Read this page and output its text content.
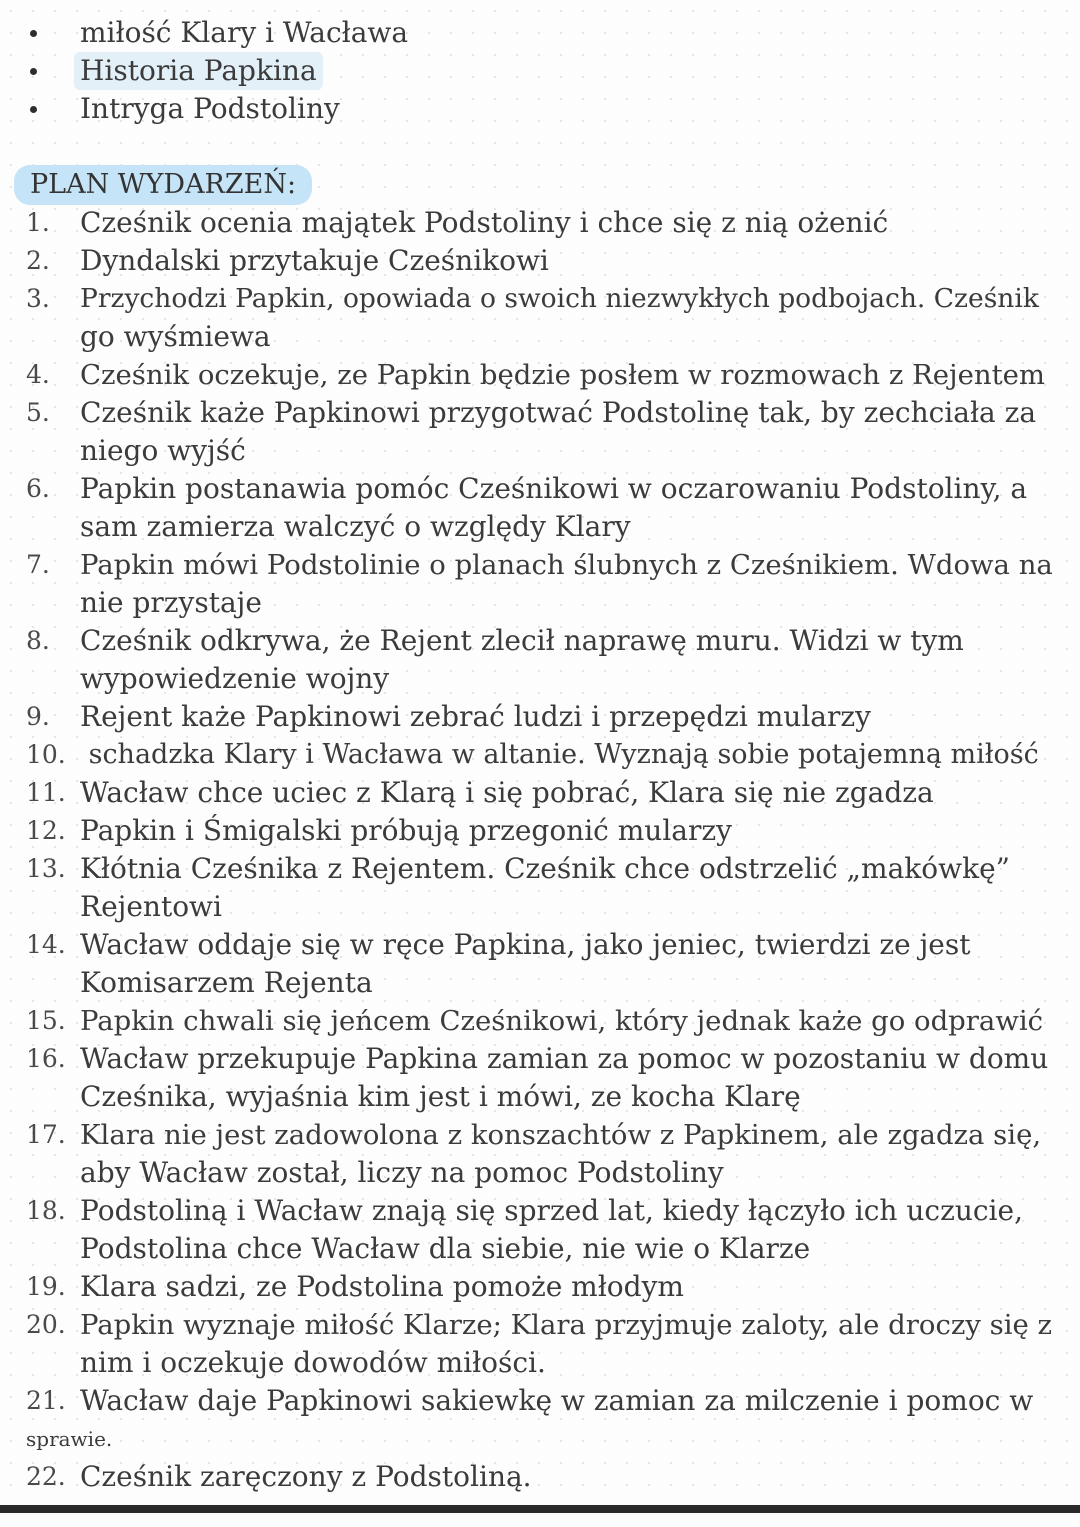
miłość Klary i Wacława
Historia Papkina
Intryga Podstoliny
PLAN WYDARZEŃ:
1. Cześnik ocenia majątek Podstoliny i chce się z nią ożenić
2. Dyndalski przytakuje Cześnikowi
3. Przychodzi Papkin, opowiada o swoich niezwykłych podbojach. Cześnik
go wyśmiewa
4. Cześnik oczekuje, ze Papkin będzie posłem w rozmowach z Rejentem
5. Cześnik każe Papkinowi przygotwać Podstolinę tak, by zechciała za
niego wyjść
6. Papkin postanawia pomóc Cześnikowi w oczarowaniu Podstoliny, a
sam zamierza walczyć o względy Klary
7. Papkin mówi Podstolinie o planach ślubnych z Cześnikiem. Wdowa na
nie przystaje
8. Cześnik odkrywa, że Rejent zlecił naprawę muru. Widzi w tym
wypowiedzenie wojny
9. Rejent każe Papkinowi zebrać ludzi i przepędzi mularzy
10. schadzka Klary i Wacława w altanie. Wyznają sobie potajemną miłość
11. Wacław chce uciec z Klarą i się pobrać, Klara się nie zgadza
12. Papkin i Śmigalski próbują przegonić mularzy
13. Kłótnia Cześnika z Rejentem. Cześnik chce odstrzelić „makówkę”
Rejentowi
14. Wacław oddaje się w ręce Papkina, jako jeniec, twierdzi ze jest
Komisarzem Rejenta
15. Papkin chwali się jeńcem Cześnikowi, który jednak każe go odprawić
16. Wacław przekupuje Papkina zamian za pomoc w pozostaniu w domu
Cześnika, wyjaśnia kim jest i mówi, ze kocha Klarę
17. Klara nie jest zadowolona z konszachtów z Papkinem, ale zgadza się,
aby Wacław został, liczy na pomoc Podstoliny
18. Podstoliną i Wacław znają się sprzed lat, kiedy łączyło ich uczucie,
Podstolina chce Wacław dla siebie, nie wie o Klarze
19. Klara sadzi, ze Podstolina pomoże młodym
20. Papkin wyznaje miłość Klarze; Klara przyjmuje zaloty, ale droczy się z
nim i oczekuje dowodów miłości.
21. Wacław daje Papkinowi sakiewkę w zamian za milczenie i pomoc w
sprawie.
22. Cześnik zaręczony z Podstoliną.
